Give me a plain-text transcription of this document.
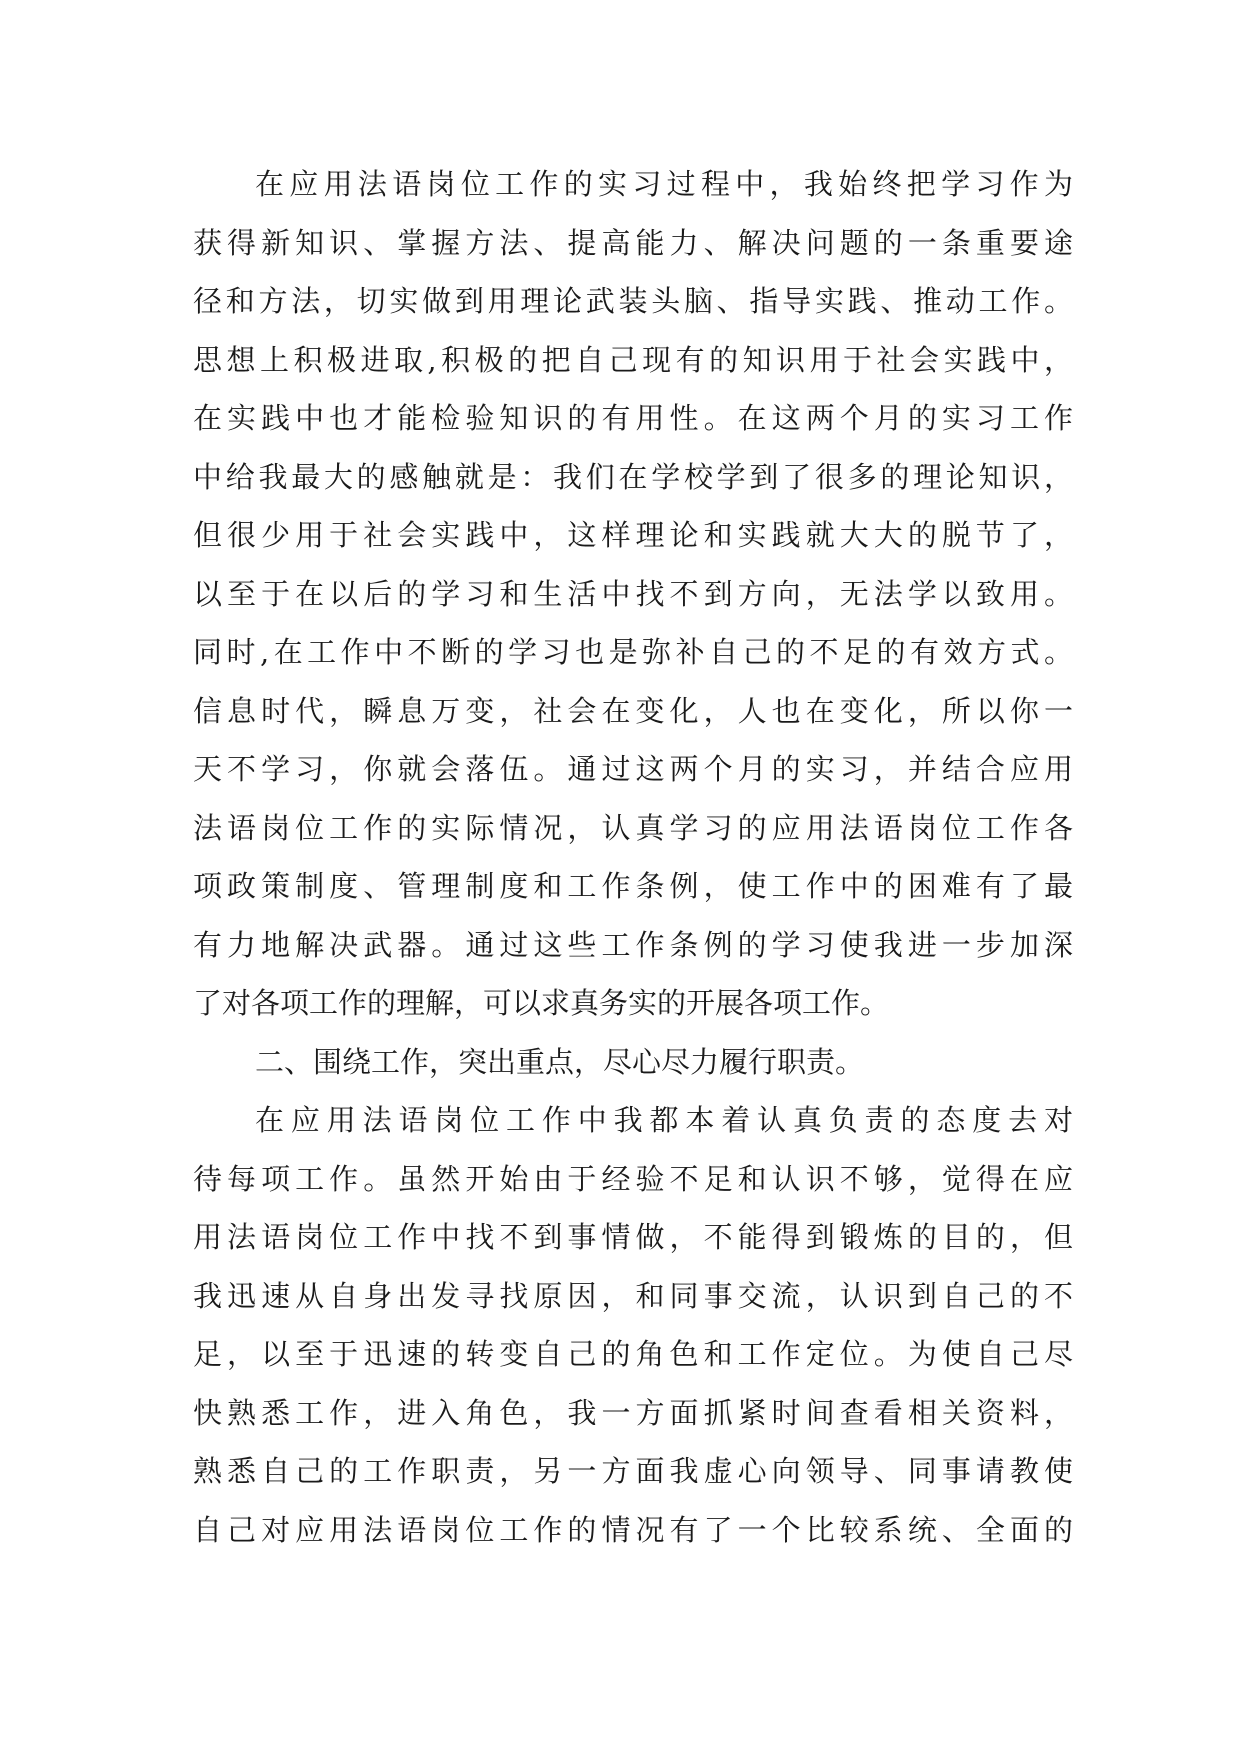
在应用法语岗位工作的实习过程中，我始终把学习作为
获得新知识、掌握方法、提高能力、解决问题的一条重要途
径和方法，切实做到用理论武装头脑、指导实践、推动工作。
思想上积极进取,积极的把自己现有的知识用于社会实践中，
在实践中也才能检验知识的有用性。在这两个月的实习工作
中给我最大的感触就是：我们在学校学到了很多的理论知识，
但很少用于社会实践中，这样理论和实践就大大的脱节了，
以至于在以后的学习和生活中找不到方向，无法学以致用。
同时,在工作中不断的学习也是弥补自己的不足的有效方式。
信息时代，瞬息万变，社会在变化，人也在变化，所以你一
天不学习，你就会落伍。通过这两个月的实习，并结合应用
法语岗位工作的实际情况，认真学习的应用法语岗位工作各
项政策制度、管理制度和工作条例，使工作中的困难有了最
有力地解决武器。通过这些工作条例的学习使我进一步加深
了对各项工作的理解，可以求真务实的开展各项工作。
二、围绕工作，突出重点，尽心尽力履行职责。
在应用法语岗位工作中我都本着认真负责的态度去对
待每项工作。虽然开始由于经验不足和认识不够，觉得在应
用法语岗位工作中找不到事情做，不能得到锻炼的目的，但
我迅速从自身出发寻找原因，和同事交流，认识到自己的不
足，以至于迅速的转变自己的角色和工作定位。为使自己尽
快熟悉工作，进入角色，我一方面抓紧时间查看相关资料，
熟悉自己的工作职责，另一方面我虚心向领导、同事请教使
自己对应用法语岗位工作的情况有了一个比较系统、全面的
